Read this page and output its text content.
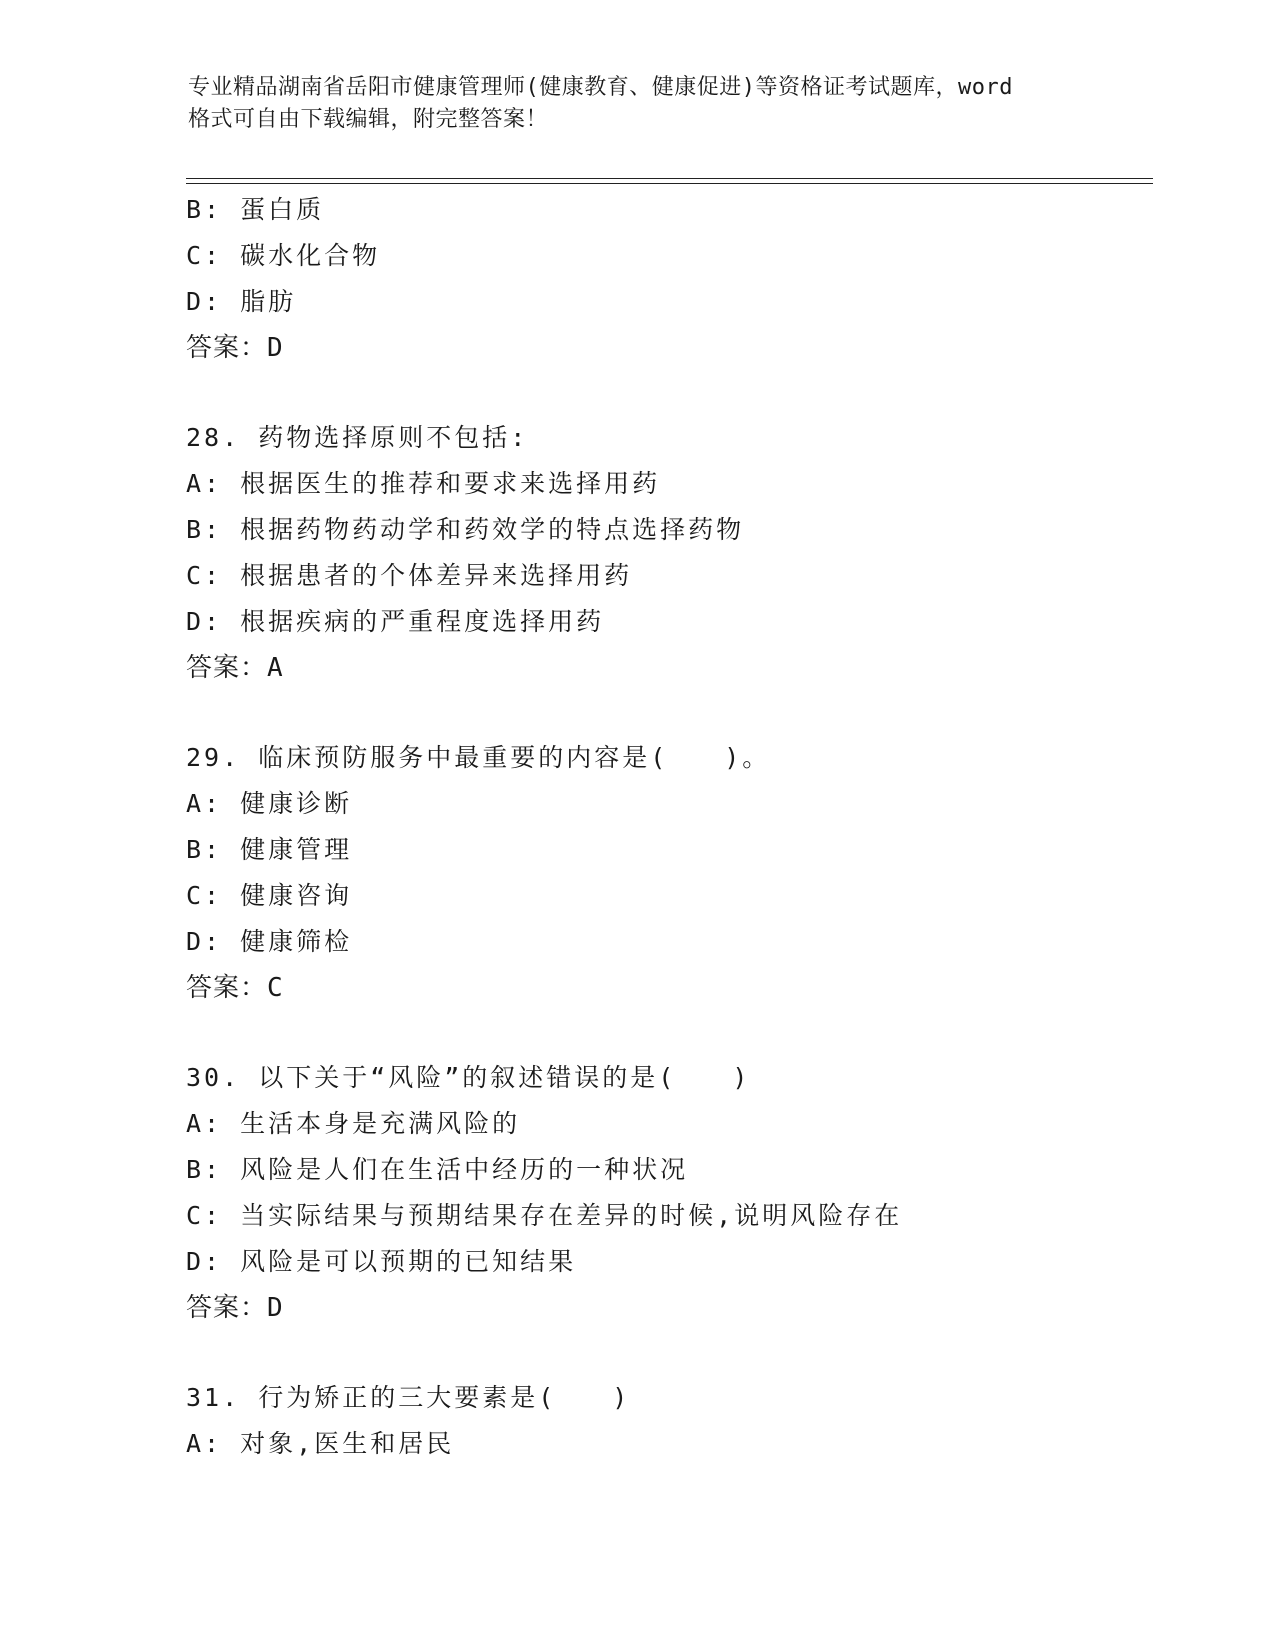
专业精品湖南省岳阳市健康管理师(健康教育、健康促进)等资格证考试题库，word
格式可自由下载编辑，附完整答案！
B: 蛋白质
C: 碳水化合物
D: 脂肪
答案：D
28. 药物选择原则不包括:
A: 根据医生的推荐和要求来选择用药
B: 根据药物药动学和药效学的特点选择药物
C: 根据患者的个体差异来选择用药
D: 根据疾病的严重程度选择用药
答案：A
29. 临床预防服务中最重要的内容是(　　)。
A: 健康诊断
B: 健康管理
C: 健康咨询
D: 健康筛检
答案：C
30. 以下关于“风险”的叙述错误的是(　　)
A: 生活本身是充满风险的
B: 风险是人们在生活中经历的一种状况
C: 当实际结果与预期结果存在差异的时候,说明风险存在
D: 风险是可以预期的已知结果
答案：D
31. 行为矫正的三大要素是(　　)
A: 对象,医生和居民
